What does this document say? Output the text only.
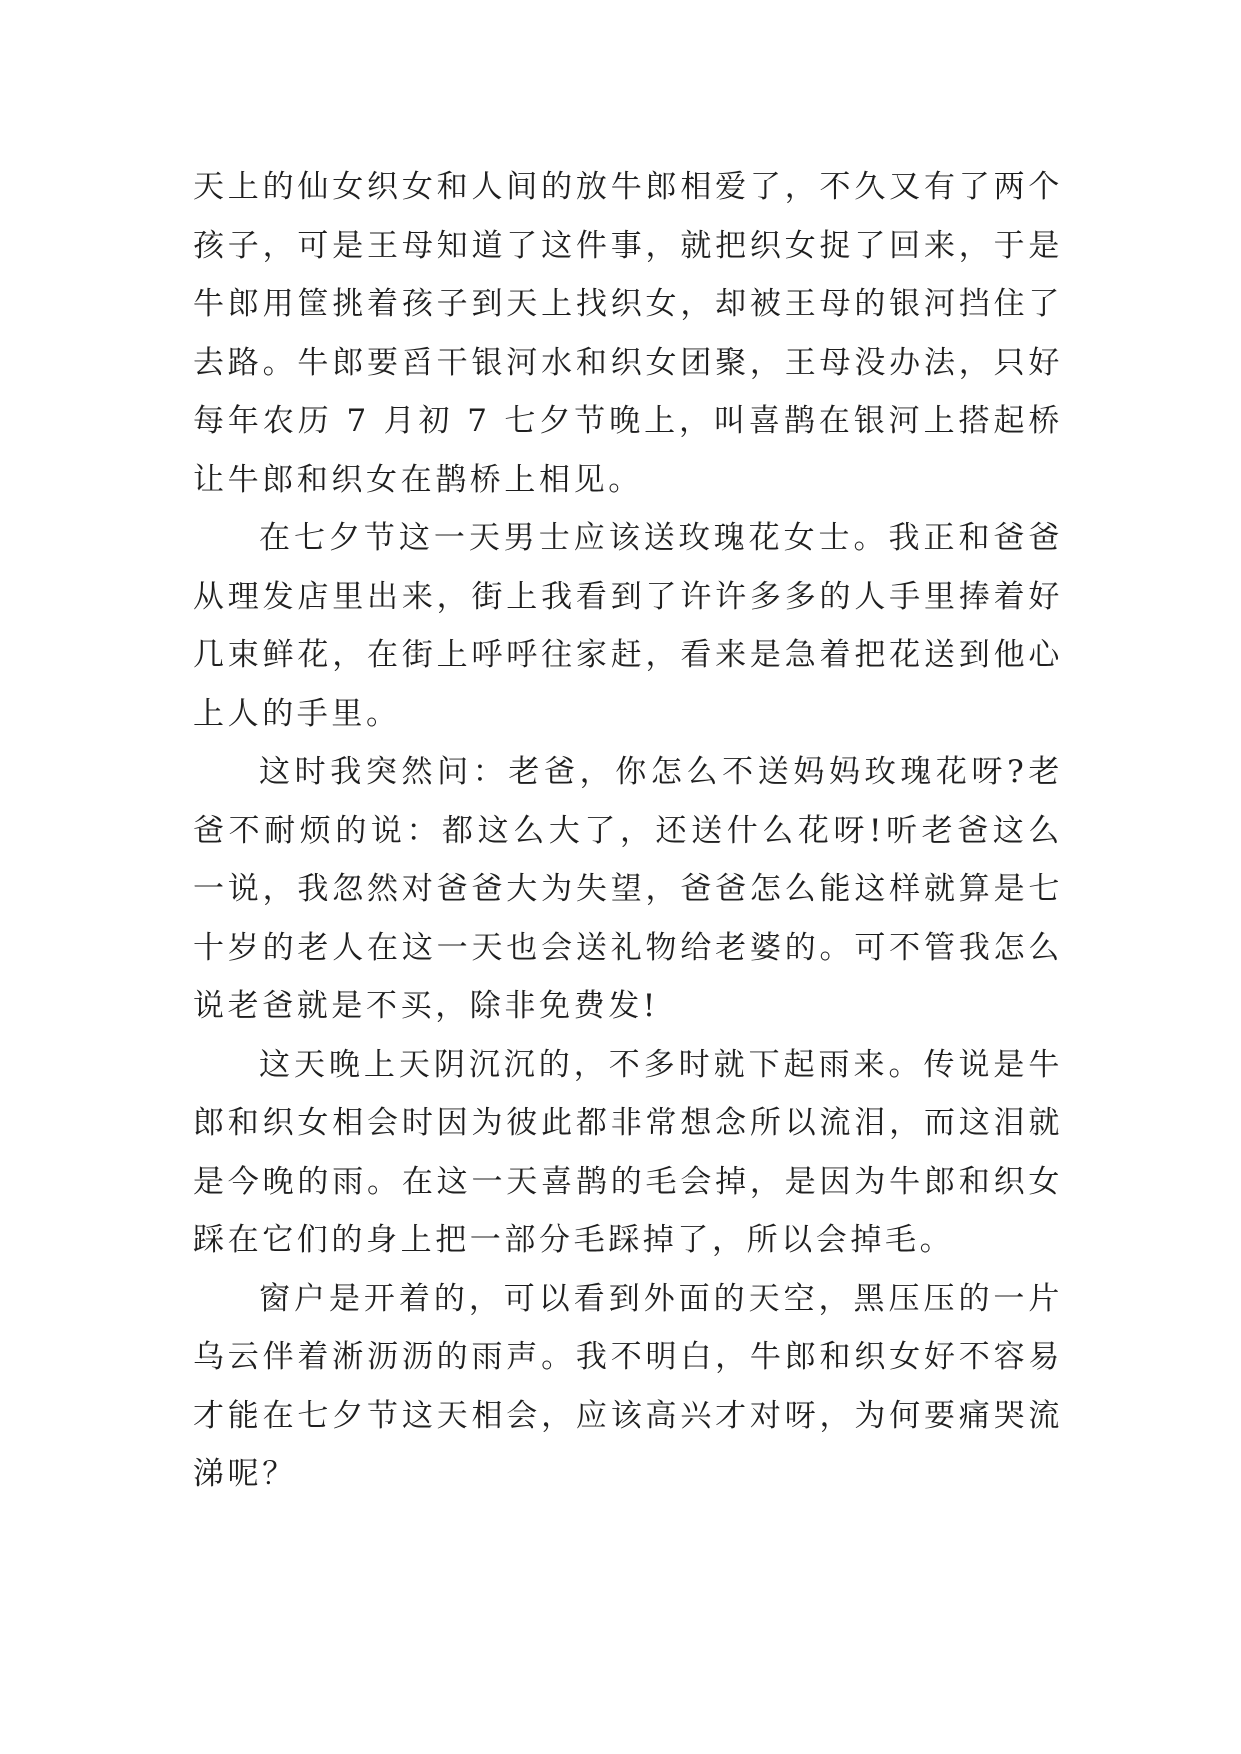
天上的仙女织女和人间的放牛郎相爱了，不久又有了两个孩子，可是王母知道了这件事，就把织女捉了回来，于是牛郎用筐挑着孩子到天上找织女，却被王母的银河挡住了去路。牛郎要舀干银河水和织女团聚，王母没办法，只好每年农历 7 月初 7 七夕节晚上，叫喜鹊在银河上搭起桥让牛郎和织女在鹊桥上相见。

在七夕节这一天男士应该送玫瑰花女士。我正和爸爸从理发店里出来，街上我看到了许许多多的人手里捧着好几束鲜花，在街上呼呼往家赶，看来是急着把花送到他心上人的手里。

这时我突然问：老爸，你怎么不送妈妈玫瑰花呀?老爸不耐烦的说：都这么大了，还送什么花呀!听老爸这么一说，我忽然对爸爸大为失望，爸爸怎么能这样就算是七十岁的老人在这一天也会送礼物给老婆的。可不管我怎么说老爸就是不买，除非免费发!

这天晚上天阴沉沉的，不多时就下起雨来。传说是牛郎和织女相会时因为彼此都非常想念所以流泪，而这泪就是今晚的雨。在这一天喜鹊的毛会掉，是因为牛郎和织女踩在它们的身上把一部分毛踩掉了，所以会掉毛。

窗户是开着的，可以看到外面的天空，黑压压的一片乌云伴着淅沥沥的雨声。我不明白，牛郎和织女好不容易才能在七夕节这天相会，应该高兴才对呀，为何要痛哭流涕呢？
